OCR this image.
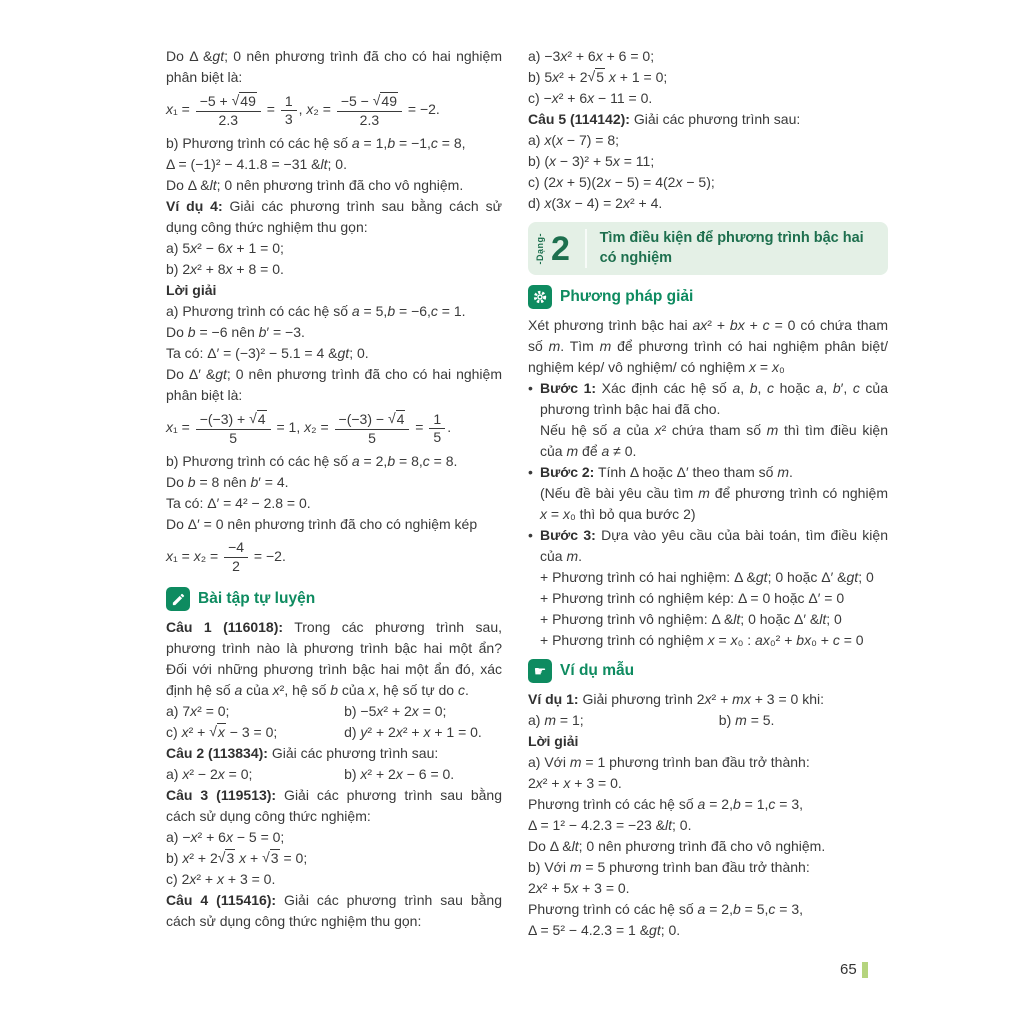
Do Δ &gt; 0 nên phương trình đã cho có hai nghiệm phân biệt là:

$x_1 = \frac{-5 + √49}{2.3} = \frac{1}{3}$ , $x_2 = \frac{-5 - √49}{2.3} = -2$.

b) Phương trình có các hệ số a = 1,b = −1,c = 8,

Δ = (−1)² − 4.1.8 = −31 &lt; 0.

Do Δ &lt; 0 nên phương trình đã cho vô nghiệm.

Ví dụ 4: Giải các phương trình sau bằng cách sử dụng công thức nghiệm thu gọn:

a) 5x² − 6x + 1 = 0;

b) 2x² + 8x + 8 = 0.

Lời giải

a) Phương trình có các hệ số a = 5,b = −6,c = 1.

Do b = −6 nên b′ = −3.

Ta có: Δ′ = (−3)² − 5.1 = 4 &gt; 0.

Do Δ′ &gt; 0 nên phương trình đã cho có hai nghiệm phân biệt là:

$x_1 = \frac{-(-3) + √4}{5} = 1$, $x_2 = \frac{-(-3) - √4}{5} = \frac{1}{5}$ .

b) Phương trình có các hệ số a = 2,b = 8,c = 8.

Do b = 8 nên b′ = 4.

Ta có: Δ′ = 4² − 2.8 = 0.

Do Δ′ = 0 nên phương trình đã cho có nghiệm kép

$x_1 = x_2 = \frac{-4}{2} = -2$.

Bài tập tự luyện

Câu 1 (116018): Trong các phương trình sau, phương trình nào là phương trình bậc hai một ẩn? Đối với những phương trình bậc hai một ẩn đó, xác định hệ số a của x², hệ số b của x, hệ số tự do c.

a) 7x² = 0;	b) −5x² + 2x = 0;
c) x² + √x − 3 = 0;	d) y² + 2x² + x + 1 = 0.

Câu 2 (113834): Giải các phương trình sau:

a) x² − 2x = 0;	b) x² + 2x − 6 = 0.

Câu 3 (119513): Giải các phương trình sau bằng cách sử dụng công thức nghiệm:

a) −x² + 6x − 5 = 0;

b) x² + 2√3 x + √3 = 0;

c) 2x² + x + 3 = 0.

Câu 4 (115416): Giải các phương trình sau bằng cách sử dụng công thức nghiệm thu gọn:

a) −3x² + 6x + 6 = 0;

b) 5x² + 2√5 x + 1 = 0;

c) −x² + 6x − 11 = 0.

Câu 5 (114142): Giải các phương trình sau:

a) x(x − 7) = 8;

b) (x − 3)² + 5x = 11;

c) (2x + 5)(2x − 5) = 4(2x − 5);

d) x(3x − 4) = 2x² + 4.

-Dạng- 2 Tìm điều kiện để phương trình bậc hai có nghiệm
Phương pháp giải

Xét phương trình bậc hai ax² + bx + c = 0 có chứa tham số m. Tìm m để phương trình có hai nghiệm phân biệt/ nghiệm kép/ vô nghiệm/ có nghiệm x = x₀

• Bước 1: Xác định các hệ số a, b, c hoặc a, b′, c của phương trình bậc hai đã cho.

Nếu hệ số a của x² chứa tham số m thì tìm điều kiện của m để a ≠ 0.

• Bước 2: Tính Δ hoặc Δ′ theo tham số m.

(Nếu đề bài yêu cầu tìm m để phương trình có nghiệm x = x₀ thì bỏ qua bước 2)

• Bước 3: Dựa vào yêu cầu của bài toán, tìm điều kiện của m.

+ Phương trình có hai nghiệm: Δ &gt; 0 hoặc Δ′ &gt; 0

+ Phương trình có nghiệm kép: Δ = 0 hoặc Δ′ = 0

+ Phương trình vô nghiệm: Δ &lt; 0 hoặc Δ′ &lt; 0

+ Phương trình có nghiệm x = x₀ : ax₀² + bx₀ + c = 0

☛ Ví dụ mẫu

Ví dụ 1: Giải phương trình 2x² + mx + 3 = 0 khi:

a) m = 1;	b) m = 5.

Lời giải

a) Với m = 1 phương trình ban đầu trở thành:

2x² + x + 3 = 0.

Phương trình có các hệ số a = 2,b = 1,c = 3,

Δ = 1² − 4.2.3 = −23 &lt; 0.

Do Δ &lt; 0 nên phương trình đã cho vô nghiệm.

b) Với m = 5 phương trình ban đầu trở thành:

2x² + 5x + 3 = 0.

Phương trình có các hệ số a = 2,b = 5,c = 3,

Δ = 5² − 4.2.3 = 1 &gt; 0.

65
